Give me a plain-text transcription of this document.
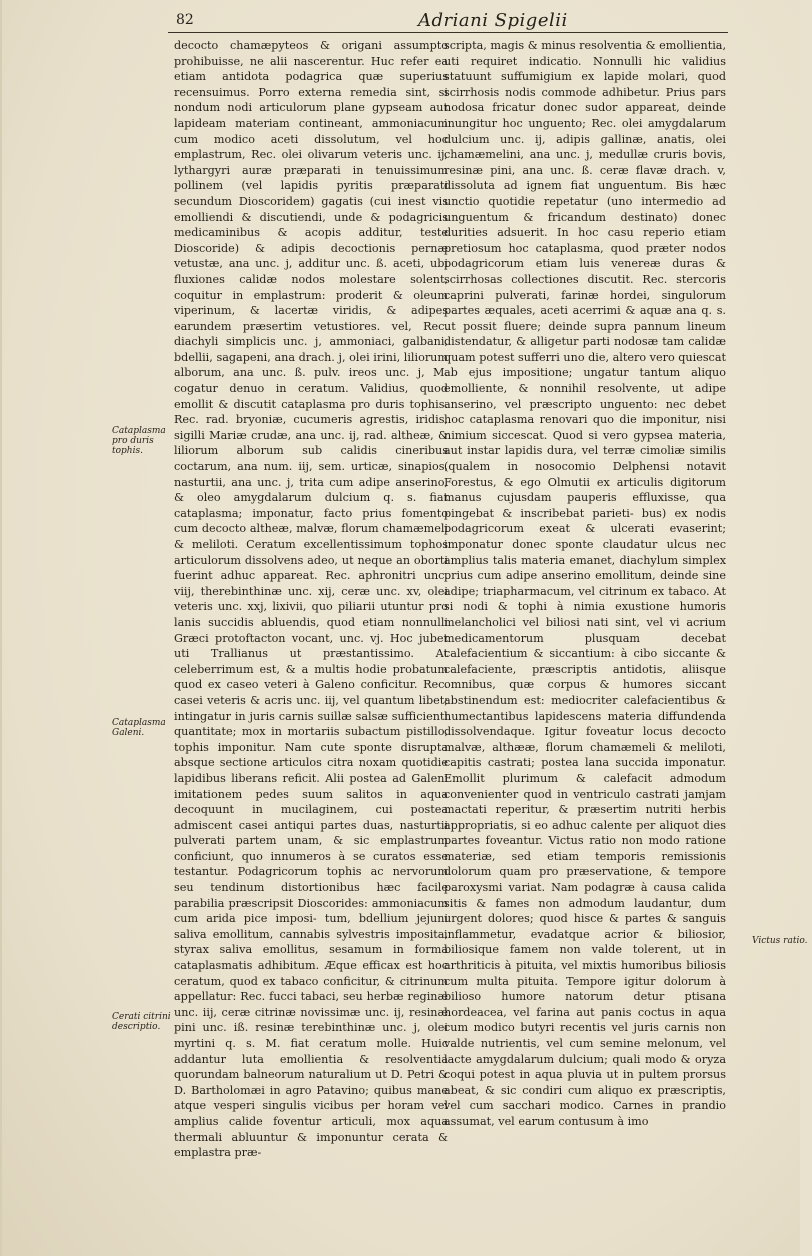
82	Adriani Spigelii
Cataplasma pro duris tophis.
Cataplasma Galeni.
Cerati citrini descriptio.
Victus ratio.

decocto chamæpyteos & origani assumpto prohibuisse, ne alii nascerentur. Huc refer ea etiam antidota podagrica quæ superius recensuimus. Porro externa remedia sint, si nondum nodi articulorum plane gypseam aut lapideam materiam contineant, ammoniacum cum modico aceti dissolutum, vel hoc emplastrum, Rec. olei olivarum veteris unc. ij, lythargyri auræ præparati in tenuissimum pollinem (vel lapidis pyritis præparati secundum Dioscoridem) gagatis (cui inest vis emolliendi & discutiendi, unde & podagricis medicaminibus & acopis additur, teste Dioscoride) & adipis decoctionis pernæ vetustæ, ana unc. j, additur unc. ß. aceti, ubi fluxiones calidæ nodos molestare solent, coquitur in emplastrum: proderit & oleum viperinum, & lacertæ viridis, & adipes earundem præsertim vetustiores. vel, Rec. diachyli simplicis unc. j, ammoniaci, galbani, bdellii, sagapeni, ana drach. j, olei irini, liliorum alborum, ana unc. ß. pulv. ireos unc. j, M. cogatur denuo in ceratum. Validius, quod emollit & discutit cataplasma pro duris tophis. Rec. rad. bryoniæ, cucumeris agrestis, iridis, sigilli Mariæ crudæ, ana unc. ij, rad. altheæ, & liliorum alborum sub calidis cineribus coctarum, ana num. iij, sem. urticæ, sinapios, nasturtii, ana unc. j, trita cum adipe anserino, & oleo amygdalarum dulcium q. s. fiat cataplasma; imponatur, facto prius fomento cum decocto altheæ, malvæ, florum chamæmeli & meliloti. Ceratum excellentissimum tophos articulorum dissolvens adeo, ut neque an oborti fuerint adhuc appareat. Rec. aphronitri unc. viij, therebinthinæ unc. xij, ceræ unc. xv, olei veteris unc. xxj, lixivii, quo piliarii utuntur pro lanis succidis abluendis, quod etiam nonnulli Græci protoftacton vocant, unc. vj. Hoc jubet uti Trallianus ut præstantissimo. At celeberrimum est, & a multis hodie probatum quod ex caseo veteri à Galeno conficitur. Rec. casei veteris & acris unc. iij, vel quantum libet; intingatur in juris carnis suillæ salsæ sufficienti quantitate; mox in mortariis subactum pistillo, tophis imponitur. Nam cute sponte disrupta absque sectione articulos citra noxam quotidie lapidibus liberans reficit. Alii postea ad Galeni imitationem pedes suum salitos in aqua decoquunt in mucilaginem, cui postea admiscent casei antiqui partes duas, nasturtii pulverati partem unam, & sic emplastrum conficiunt, quo innumeros à se curatos esse testantur. Podagricorum tophis ac nervorum seu tendinum distortionibus hæc facile parabilia præscripsit Dioscorides: ammoniacum cum arida pice imposi- tum, bdellium jejuni saliva emollitum, cannabis sylvestris imposita, styrax saliva emollitus, sesamum in forma cataplasmatis adhibitum. Æque efficax est hoc ceratum, quod ex tabaco conficitur, & citrinum appellatur: Rec. fucci tabaci, seu herbæ reginæ unc. iij, ceræ citrinæ novissimæ unc. ij, resinæ pini unc. iß. resinæ terebinthinæ unc. j, olei myrtini q. s. M. fiat ceratum molle. Huic addantur luta emollientia & resolventia quorundam balneorum naturalium ut D. Petri & D. Bartholomæi in agro Patavino; quibus mane atque vesperi singulis vicibus per horam vel amplius calide foventur articuli, mox aqua thermali abluuntur & imponuntur cerata & emplastra præ-

scripta, magis & minus resolventia & emollientia, uti requiret indicatio. Nonnulli hic validius statuunt suffumigium ex lapide molari, quod scirrhosis nodis commode adhibetur. Prius pars nodosa fricatur donec sudor appareat, deinde inungitur hoc unguento; Rec. olei amygdalarum dulcium unc. ij, adipis gallinæ, anatis, olei chamæmelini, ana unc. j, medullæ cruris bovis, resinæ pini, ana unc. ß. ceræ flavæ drach. v, dissoluta ad ignem fiat unguentum. Bis hæc unctio quotidie repetatur (uno intermedio ad unguentum & fricandum destinato) donec durities adsuerit. In hoc casu reperio etiam pretiosum hoc cataplasma, quod præter nodos podagricorum etiam luis venereæ duras & scirrhosas collectiones discutit. Rec. stercoris caprini pulverati, farinæ hordei, singulorum partes æquales, aceti acerrimi & aquæ ana q. s. ut possit fluere; deinde supra pannum lineum distendatur, & alligetur parti nodosæ tam calidæ quam potest sufferri uno die, altero vero quiescat ab ejus impositione; ungatur tantum aliquo emolliente, & nonnihil resolvente, ut adipe anserino, vel præscripto unguento: nec debet hoc cataplasma renovari quo die imponitur, nisi nimium siccescat. Quod si vero gypsea materia, aut instar lapidis dura, vel terræ cimoliæ similis (qualem in nosocomio Delphensi notavit Forestus, & ego Olmutii ex articulis digitorum manus cujusdam pauperis effluxisse, qua pingebat & inscribebat parieti- bus) ex nodis podagricorum exeat & ulcerati evaserint; imponatur donec sponte claudatur ulcus nec amplius talis materia emanet, diachylum simplex prius cum adipe anserino emollitum, deinde sine adipe; triapharmacum, vel citrinum ex tabaco. At si nodi & tophi à nimia exustione humoris melancholici vel biliosi nati sint, vel vi acrium medicamentorum plusquam decebat calefacientium & siccantium: à cibo siccante & calefaciente, præscriptis antidotis, aliisque omnibus, quæ corpus & humores siccant abstinendum est: mediocriter calefacientibus & humectantibus lapidescens materia diffundenda dissolvendaque. Igitur foveatur locus decocto malvæ, althææ, florum chamæmeli & meliloti, capitis castrati; postea lana succida imponatur. Emollit plurimum & calefacit admodum convenienter quod in ventriculo castrati jamjam mactati reperitur, & præsertim nutriti herbis appropriatis, si eo adhuc calente per aliquot dies partes foveantur. Victus ratio non modo ratione materiæ, sed etiam temporis remissionis dolorum quam pro præservatione, & tempore paroxysmi variat. Nam podagræ à causa calida sitis & fames non admodum laudantur, dum urgent dolores; quod hisce & partes & sanguis inflammetur, evadatque acrior & biliosior, biliosique famem non valde tolerent, ut in arthriticis à pituita, vel mixtis humoribus biliosis cum multa pituita. Tempore igitur dolorum à bilioso humore natorum detur ptisana hordeacea, vel farina aut panis coctus in aqua cum modico butyri recentis vel juris carnis non valde nutrientis, vel cum semine melonum, vel lacte amygdalarum dulcium; quali modo & oryza coqui potest in aqua pluvia ut in pultem prorsus abeat, & sic condiri cum aliquo ex præscriptis, vel cum sacchari modico. Carnes in prandio assumat, vel earum contusum à imo
